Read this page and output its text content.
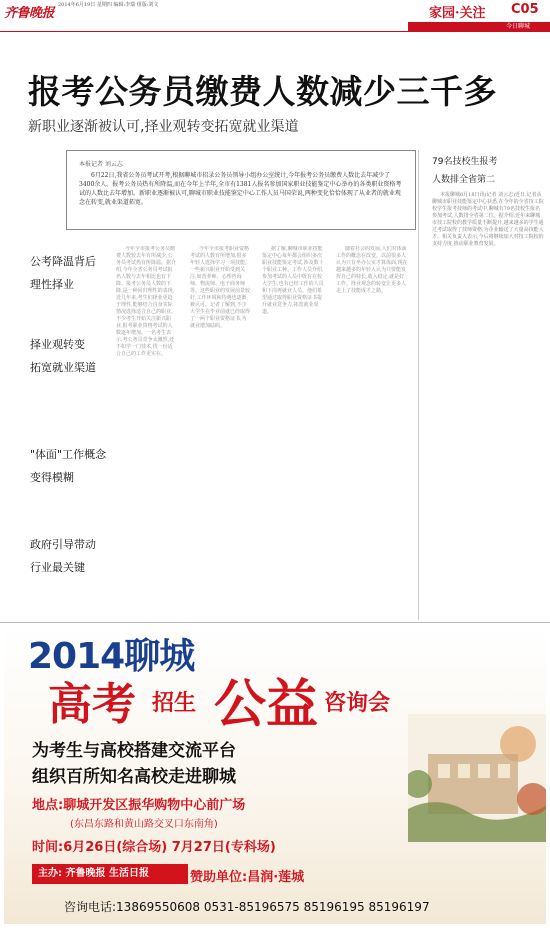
齐鲁晚报
2014年6月19日 星期四 编辑:李瑞 组版:刘文
家园·关注 C05
今日聊城
报考公务员缴费人数减少三千多
新职业逐渐被认可,择业观转变拓宽就业渠道
本报记者 刘云志
6月22日,我省公务员考试开考,根据聊城市招录公务员领导小组办公室统计,今年报考公务员缴费人数比去年减少了3400余人。报考公务员热有所降温,而在今年上半年,全市有1381人报名参加国家职业技能鉴定中心举办的各类职业资格考试的人数比去年增加。新职业逐渐被认可,聊城市职业技能鉴定中心工作人员马国荣说,两种变化恰恰体现了从业者的就业观念在转变,就业渠道拓宽。
79名技校生报考
人数排全省第二
本报聊城6月18日讯(记者 刘云志)近日,记者从聊城市职业技能鉴定中心获悉,在今年的全省技工院校学生报考技师的考试中,聊城有79名技校生报名参加考试,人数排全省第二位。据介绍,近年来聊城市技工院校的教学质量不断提升,越来越多的学生通过考试取得了技师资格,为企业输送了大量高技能人才。相关负责人表示,今后将继续加大对技工院校的支持力度,推动职业教育发展。
公考降温背后
理性择业
择业观转变
拓宽就业渠道
"体面"工作概念
变得模糊
政府引导带动
行业最关键
今年全市报考公务员缴费人数较去年有所减少,公务员考试热有所降温。据介绍,今年全省公务员考试报名人数与去年相比也有下降。报考公务员人数的下降,是一种回归理性的表现,近几年来,考生们择业更趋于理性,能够结合自身实际情况选择适合自己的职业。不少考生开始关注新兴职业,报考职业资格考试的人数逐年增加。一名考生表示,考公务员竞争太激烈,还不如学一门技术,找一份适合自己的工作更实在。
今年全市报考职业资格考试的人数有所增加,很多年轻人选择学习一项技能。一些新兴职业开始受到关注,如营养师、心理咨询师、物流师、电子商务师等。这些职业的发展前景较好,工作环境和待遇也逐渐被认可。记者了解到,不少大学生在毕业前就已经取得了一两个职业资格证书,为就业增加砝码。
据了解,聊城市职业技能鉴定中心每年都会组织多次职业技能鉴定考试,涉及数十个职业工种。工作人员介绍,参加考试的人员中既有在校大学生,也有已经工作的人员和下岗再就业人员。他们希望通过取得职业资格证书提升就业竞争力,拓宽就业渠道。
随着社会的发展,人们对体面工作的概念在改变。以前很多人认为只有坐办公室才算体面,现在越来越多的年轻人认为只要能发挥自己的特长,收入稳定,就是好工作。择业观念的转变让更多人走上了技能成才之路。
2014聊城
高考 招生 公益 咨询会
为考生与高校搭建交流平台
组织百所知名高校走进聊城
地点:聊城开发区振华购物中心前广场
(东昌东路和黄山路交叉口东南角)
时间:6月26日(综合场) 7月27日(专科场)
主办: 齐鲁晚报 生活日报	赞助单位:昌润·莲城
咨询电话:13869550608 0531-85196575 85196195 85196197
